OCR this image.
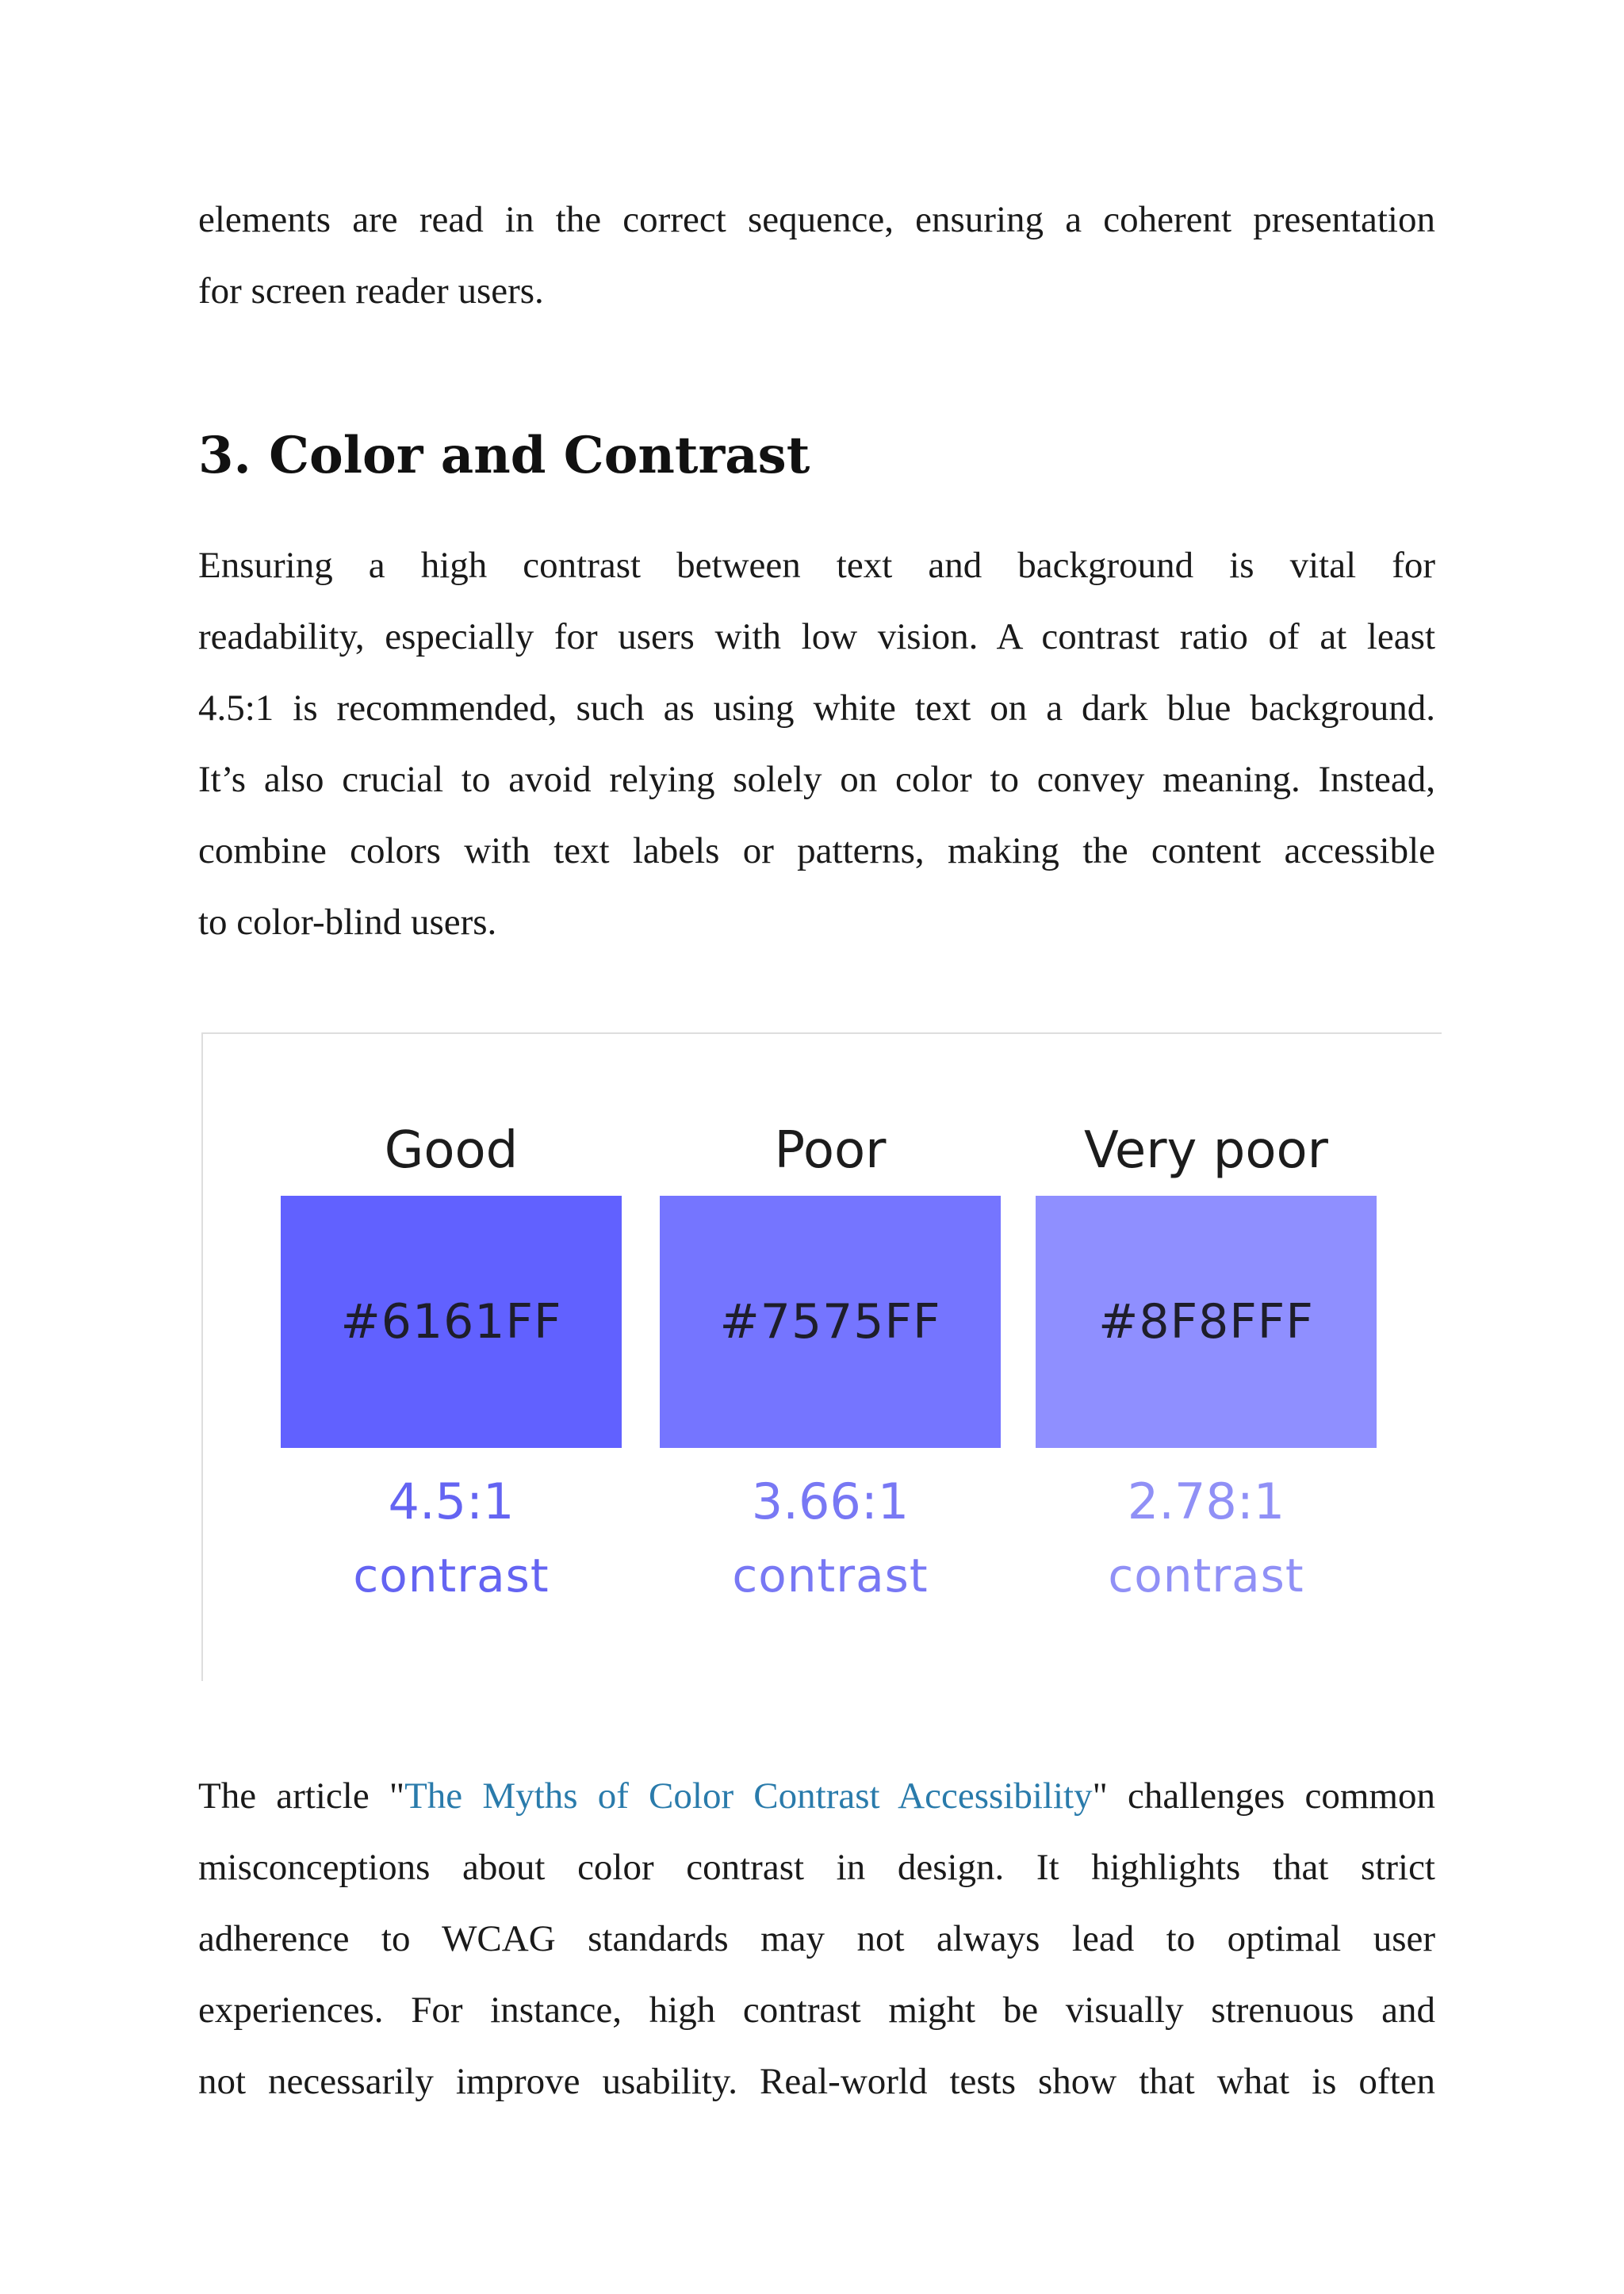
elements are read in the correct sequence, ensuring a coherent presentation
for screen reader users.

3. Color and Contrast

Ensuring a high contrast between text and background is vital for
readability, especially for users with low vision. A contrast ratio of at least
4.5:1 is recommended, such as using white text on a dark blue background.
It’s also crucial to avoid relying solely on color to convey meaning. Instead,
combine colors with text labels or patterns, making the content accessible
to color-blind users.

Good
#6161FF
4.5:1
contrast
Poor
#7575FF
3.66:1
contrast
Very poor
#8F8FFF
2.78:1
contrast

The article "The Myths of Color Contrast Accessibility" challenges common
misconceptions about color contrast in design. It highlights that strict
adherence to WCAG standards may not always lead to optimal user
experiences. For instance, high contrast might be visually strenuous and
not necessarily improve usability. Real-world tests show that what is often
